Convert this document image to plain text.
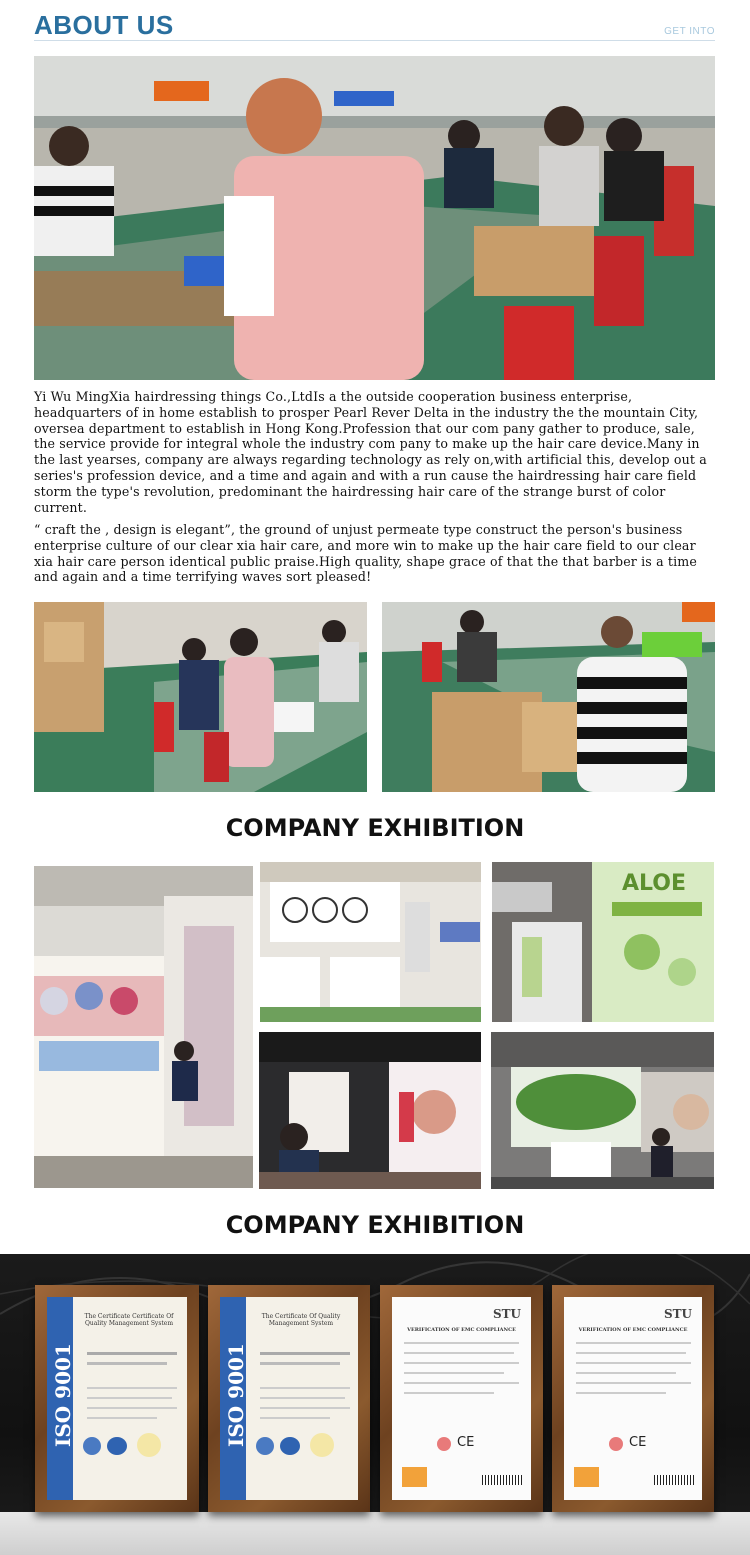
ABOUT US	GET INTO
Yi Wu MingXia hairdressing things Co.,LtdIs a the outside cooperation business enterprise, headquarters of in home establish to prosper Pearl Rever Delta in the industry the the mountain City, oversea department to establish in Hong Kong.Profession that our com pany gather to produce, sale, the service provide for integral whole the industry com pany to make up the hair care device.Many in the last yearses, company are always regarding technology as rely on,with artificial this, develop out a series's profession device, and a time and again and with a run cause the hairdressing hair care field storm the type's revolution, predominant the hairdressing hair care of the strange burst of color current.
“ craft the , design is elegant”, the ground of unjust permeate type construct the person's business enterprise culture of our clear xia hair care, and more win to make up the hair care field to our clear xia hair care person identical public praise.High quality, shape grace of that the that barber is a time and again and a time terrifying waves sort pleased!
COMPANY EXHIBITION
ALOE
COMPANY EXHIBITION
ISO 9001
The Certificate Certificate Of Quality Management System
ISO 9001
The Certificate Of Quality Management System
STU
VERIFICATION OF EMC COMPLIANCE
CE
STU
VERIFICATION OF EMC COMPLIANCE
CE
